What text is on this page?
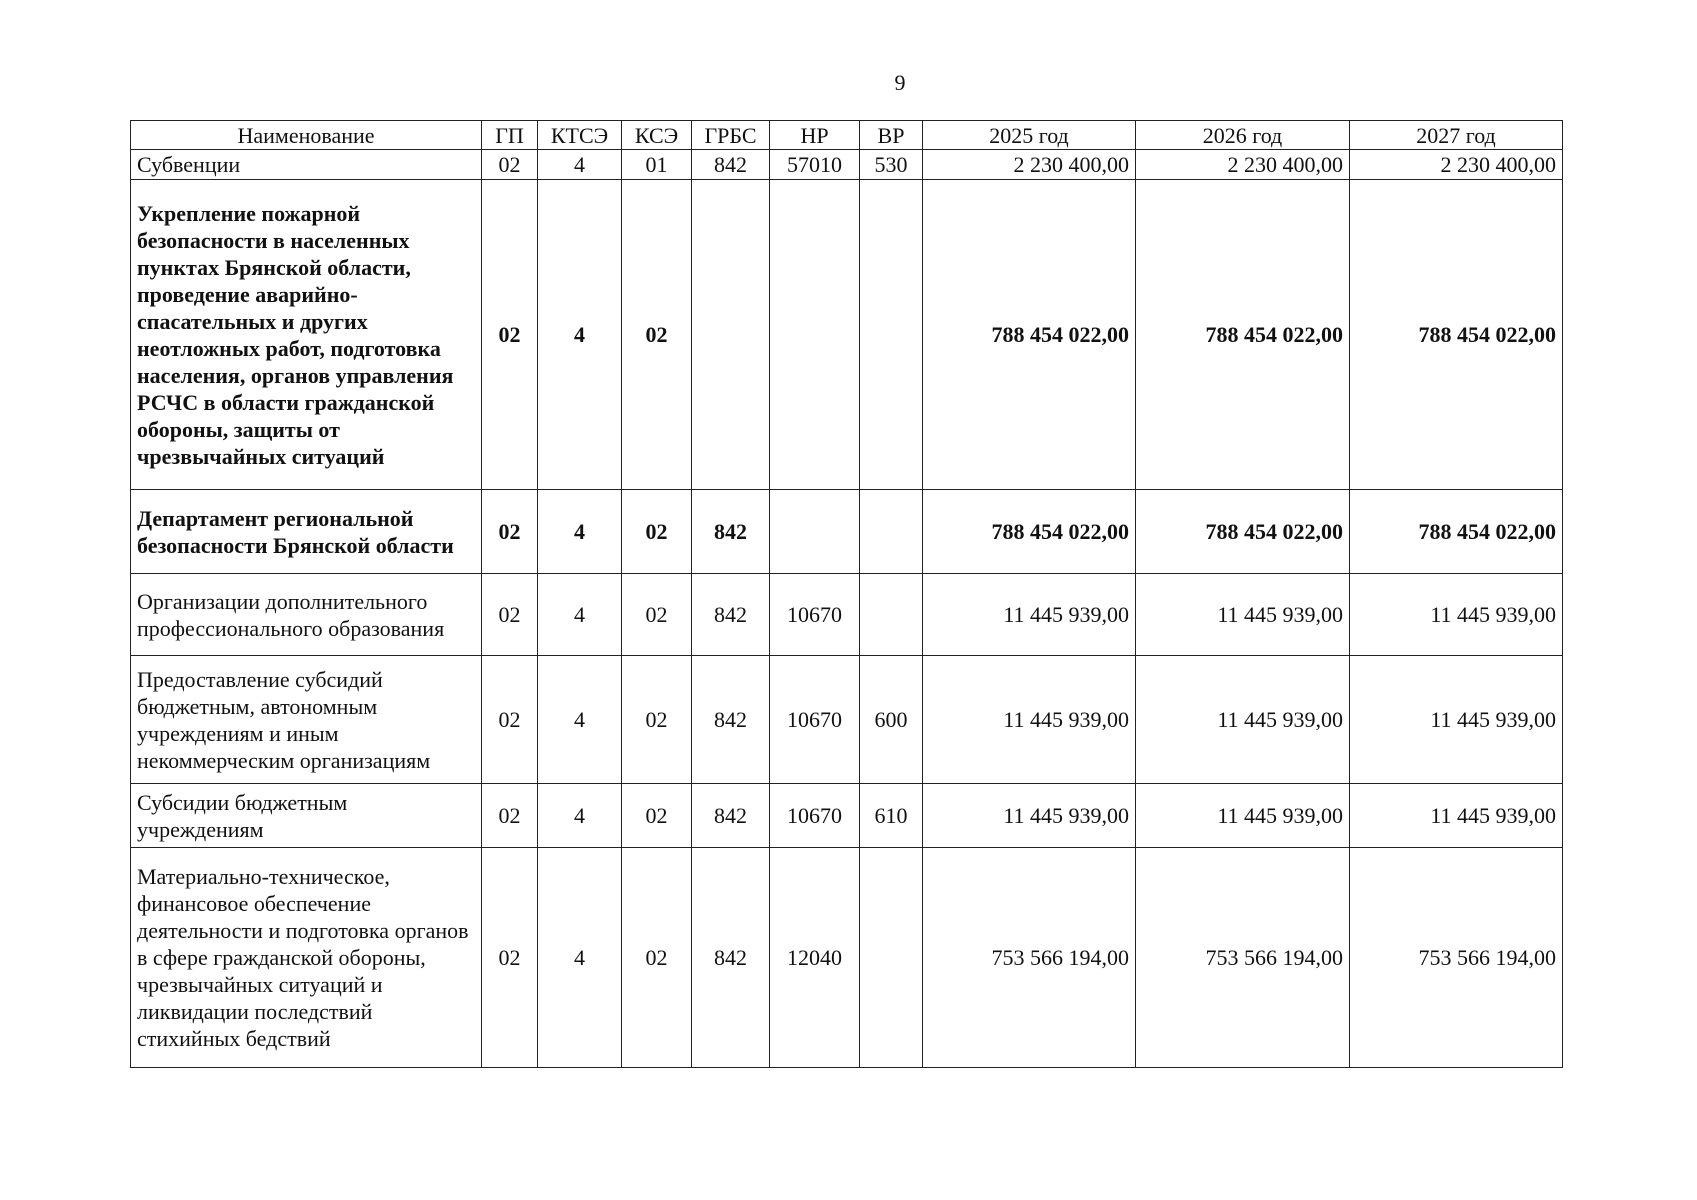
9
Наименование	ГП	КТСЭ	КСЭ	ГРБС	НР	ВР	2025 год	2026 год	2027 год
Субвенции	02	4	01	842	57010	530	2 230 400,00	2 230 400,00	2 230 400,00
Укрепление пожарной безопасности в населенных пунктах Брянской области, проведение аварийно-спасательных и других неотложных работ, подготовка населения, органов управления РСЧС в области гражданской обороны, защиты от чрезвычайных ситуаций	02	4	02				788 454 022,00	788 454 022,00	788 454 022,00
Департамент региональной безопасности Брянской области	02	4	02	842			788 454 022,00	788 454 022,00	788 454 022,00
Организации дополнительного профессионального образования	02	4	02	842	10670		11 445 939,00	11 445 939,00	11 445 939,00
Предоставление субсидий бюджетным, автономным учреждениям и иным некоммерческим организациям	02	4	02	842	10670	600	11 445 939,00	11 445 939,00	11 445 939,00
Субсидии бюджетным учреждениям	02	4	02	842	10670	610	11 445 939,00	11 445 939,00	11 445 939,00
Материально-техническое, финансовое обеспечение деятельности и подготовка органов в сфере гражданской обороны, чрезвычайных ситуаций и ликвидации последствий стихийных бедствий	02	4	02	842	12040		753 566 194,00	753 566 194,00	753 566 194,00
